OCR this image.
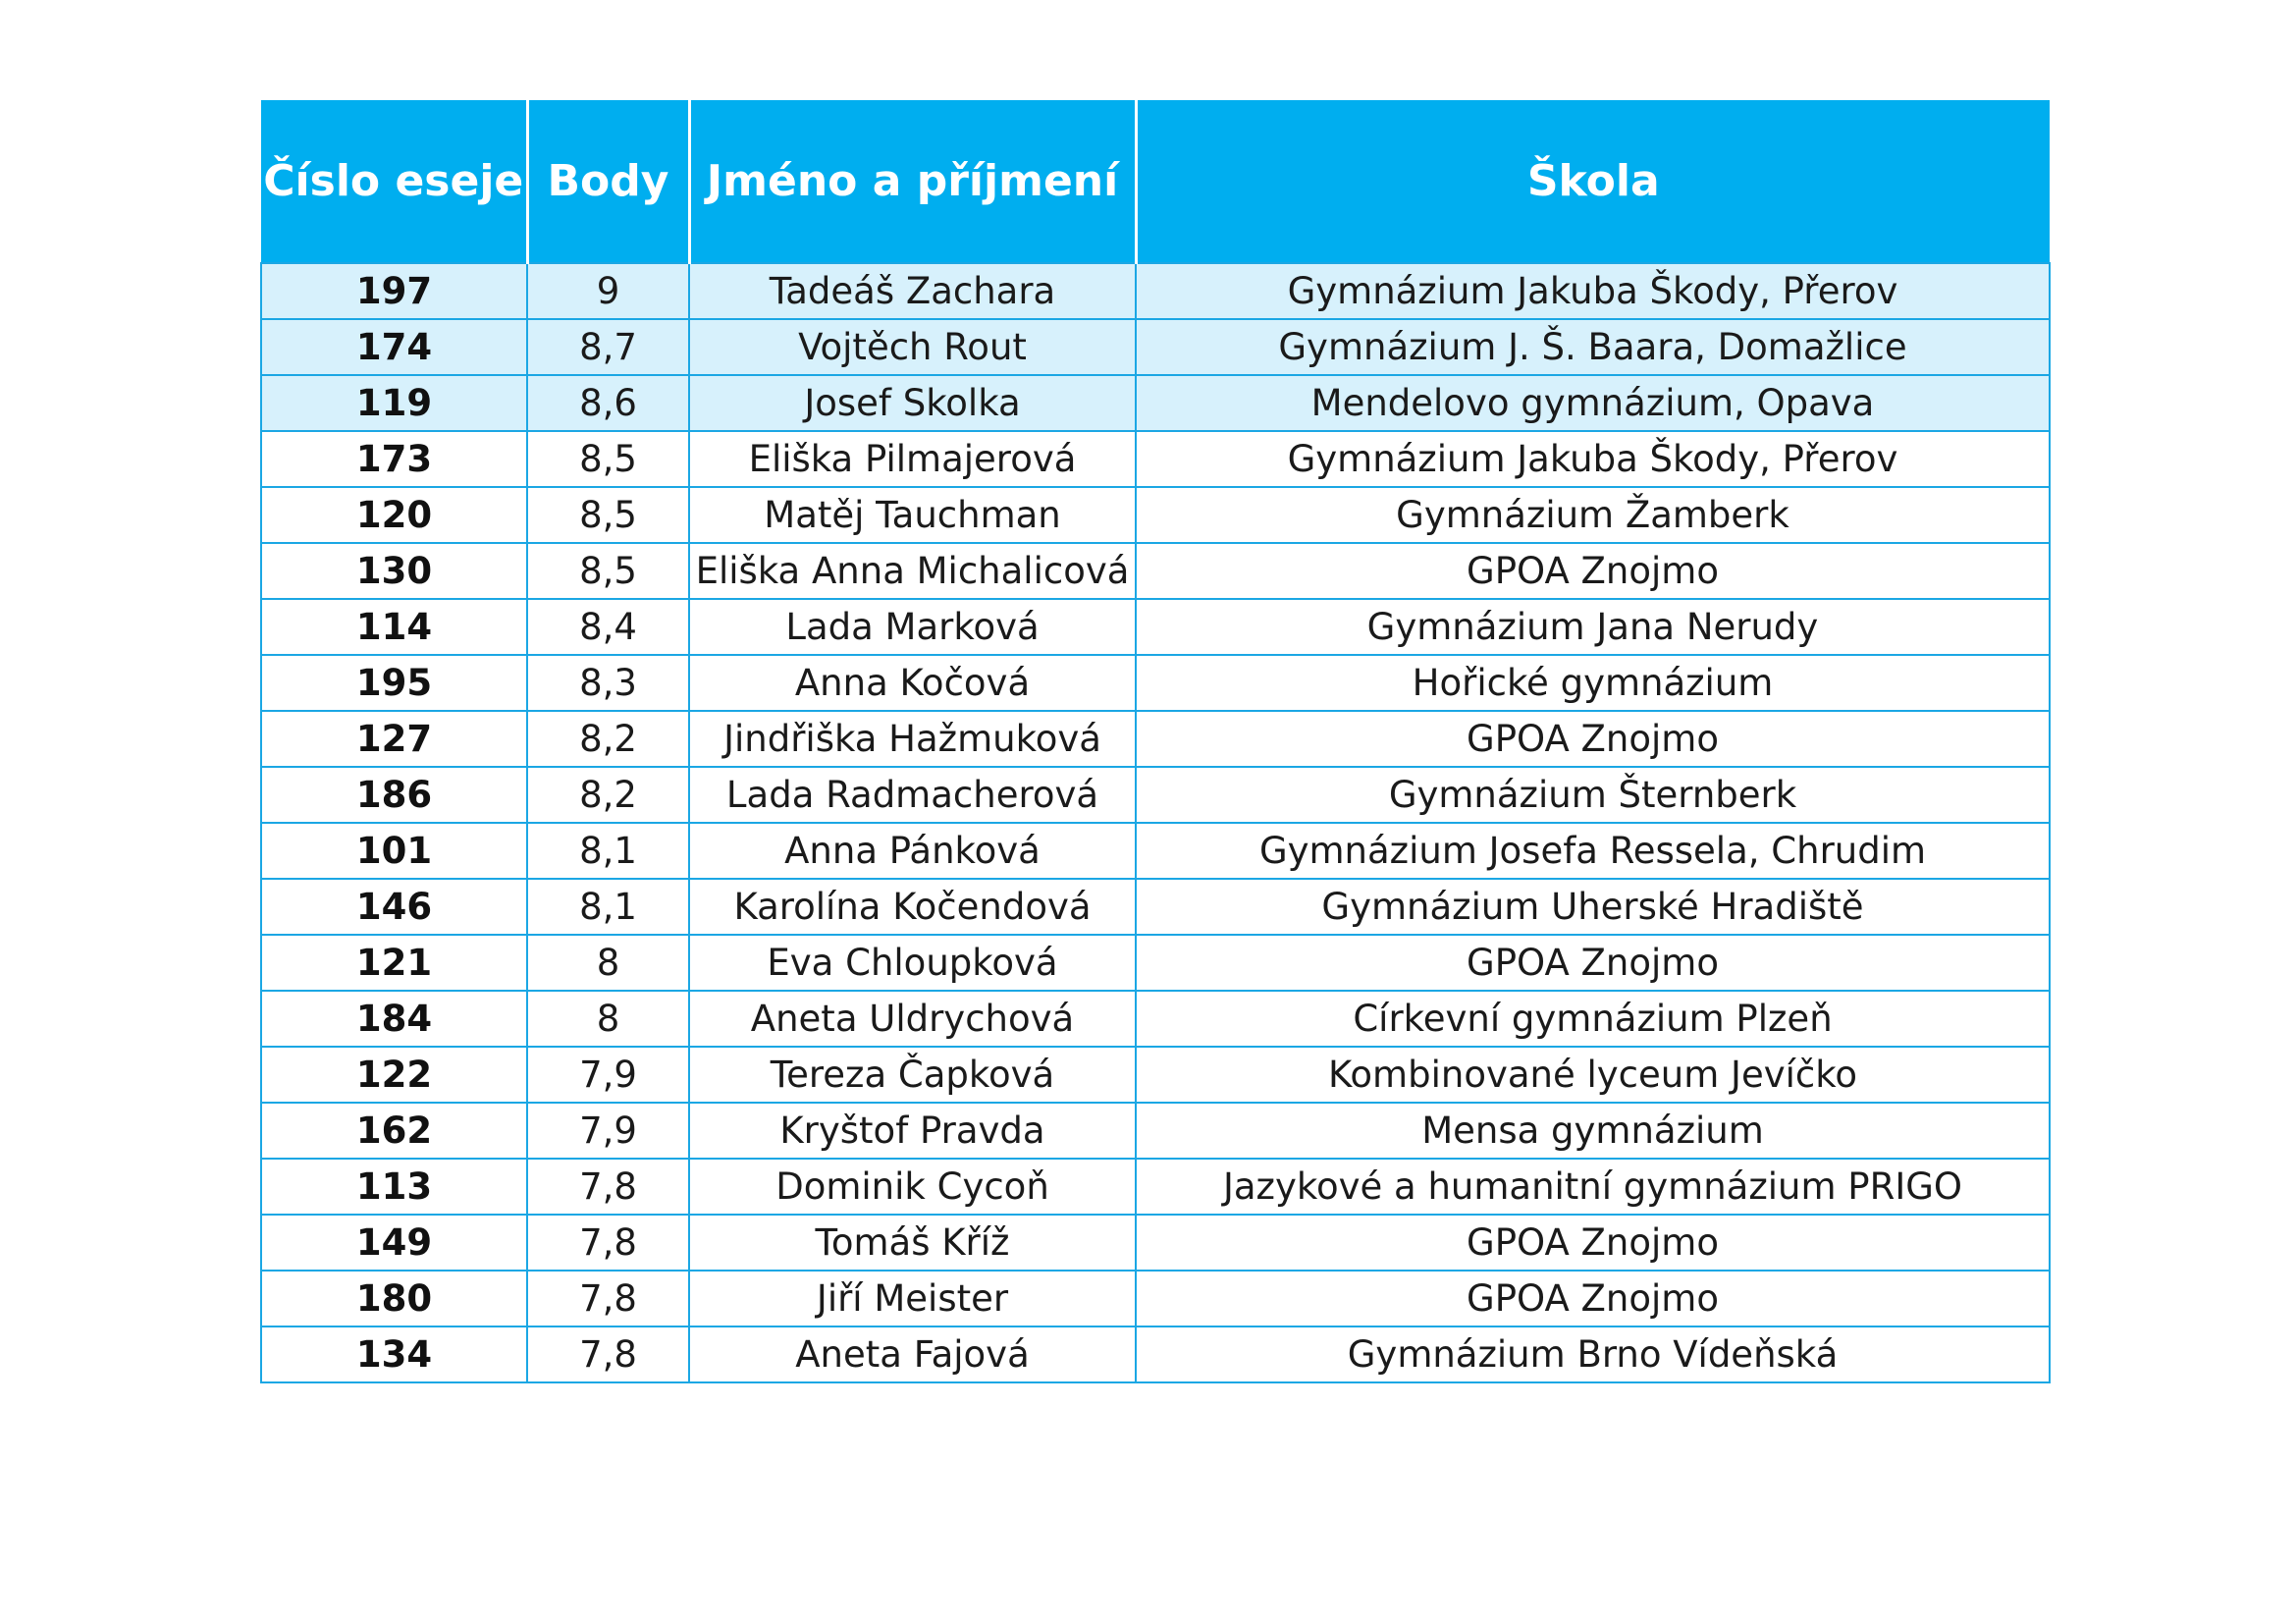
Číslo eseje	Body	Jméno a příjmení	Škola
197	9	Tadeáš Zachara	Gymnázium Jakuba Škody, Přerov
174	8,7	Vojtěch Rout	Gymnázium J. Š. Baara, Domažlice
119	8,6	Josef Skolka	Mendelovo gymnázium, Opava
173	8,5	Eliška Pilmajerová	Gymnázium Jakuba Škody, Přerov
120	8,5	Matěj Tauchman	Gymnázium Žamberk
130	8,5	Eliška Anna Michalicová	GPOA Znojmo
114	8,4	Lada Marková	Gymnázium Jana Nerudy
195	8,3	Anna Kočová	Hořické gymnázium
127	8,2	Jindřiška Hažmuková	GPOA Znojmo
186	8,2	Lada Radmacherová	Gymnázium Šternberk
101	8,1	Anna Pánková	Gymnázium Josefa Ressela, Chrudim
146	8,1	Karolína Kočendová	Gymnázium Uherské Hradiště
121	8	Eva Chloupková	GPOA Znojmo
184	8	Aneta Uldrychová	Církevní gymnázium Plzeň
122	7,9	Tereza Čapková	Kombinované lyceum Jevíčko
162	7,9	Kryštof Pravda	Mensa gymnázium
113	7,8	Dominik Cycoň	Jazykové a humanitní gymnázium PRIGO
149	7,8	Tomáš Kříž	GPOA Znojmo
180	7,8	Jiří Meister	GPOA Znojmo
134	7,8	Aneta Fajová	Gymnázium Brno Vídeňská
